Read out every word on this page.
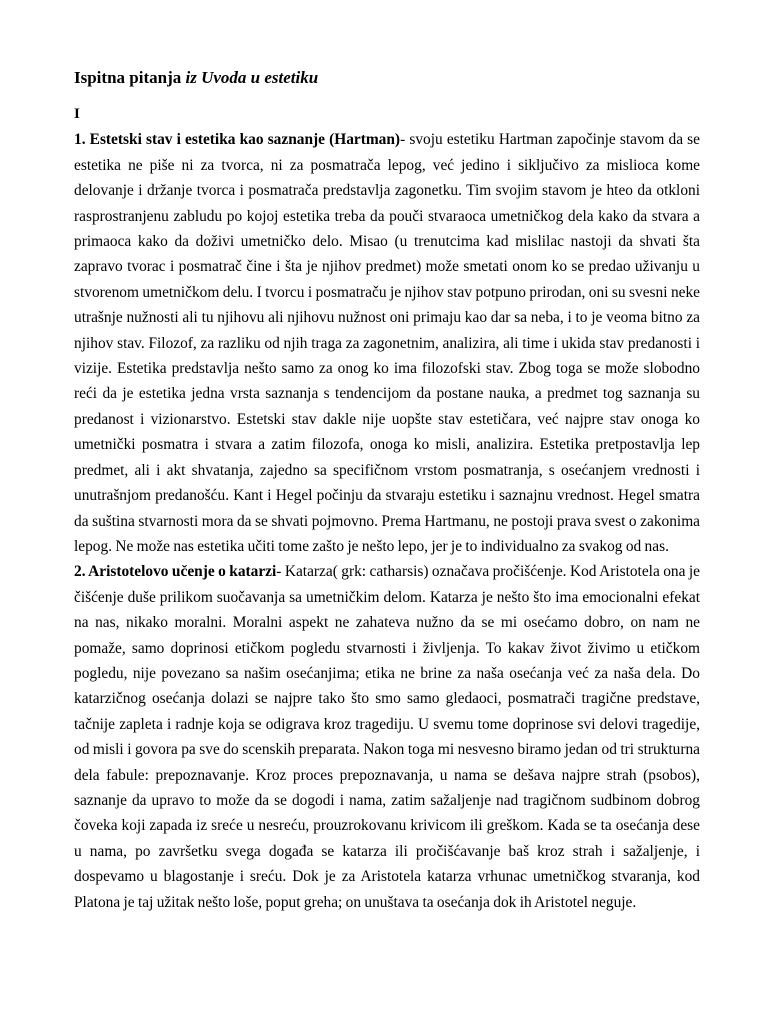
Ispitna pitanja iz Uvoda u estetiku
I

1. Estetski stav i estetika kao saznanje (Hartman)- svoju estetiku Hartman započinje stavom da se estetika ne piše ni za tvorca, ni za posmatrača lepog, već jedino i siključivo za mislioca kome delovanje i držanje tvorca i posmatrača predstavlja zagonetku. Tim svojim stavom je hteo da otkloni rasprostranjenu zabludu po kojoj estetika treba da pouči stvaraoca umetničkog dela kako da stvara a primaoca kako da doživi umetničko delo. Misao (u trenutcima kad mislilac nastoji da shvati šta zapravo tvorac i posmatrač čine i šta je njihov predmet) može smetati onom ko se predao uživanju u stvorenom umetničkom delu. I tvorcu i posmatraču je njihov stav potpuno prirodan, oni su svesni neke utrašnje nužnosti ali tu njihovu ali njihovu nužnost oni primaju kao dar sa neba, i to je veoma bitno za njihov stav. Filozof, za razliku od njih traga za zagonetnim, analizira, ali time i ukida stav predanosti i vizije. Estetika predstavlja nešto samo za onog ko ima filozofski stav. Zbog toga se može slobodno reći da je estetika jedna vrsta saznanja s tendencijom da postane nauka, a predmet tog saznanja su predanost i vizionarstvo. Estetski stav dakle nije uopšte stav estetičara, već najpre stav onoga ko umetnički posmatra i stvara a zatim filozofa, onoga ko misli, analizira. Estetika pretpostavlja lep predmet, ali i akt shvatanja, zajedno sa specifičnom vrstom posmatranja, s osećanjem vrednosti i unutrašnjom predanošću. Kant i Hegel počinju da stvaraju estetiku i saznajnu vrednost. Hegel smatra da suština stvarnosti mora da se shvati pojmovno. Prema Hartmanu, ne postoji prava svest o zakonima lepog. Ne može nas estetika učiti tome zašto je nešto lepo, jer je to individualno za svakog od nas.

2. Aristotelovo učenje o katarzi- Katarza( grk: catharsis) označava pročišćenje. Kod Aristotela ona je čišćenje duše prilikom suočavanja sa umetničkim delom. Katarza je nešto što ima emocionalni efekat na nas, nikako moralni. Moralni aspekt ne zahateva nužno da se mi osećamo dobro, on nam ne pomaže, samo doprinosi etičkom pogledu stvarnosti i življenja. To kakav život živimo u etičkom pogledu, nije povezano sa našim osećanjima; etika ne brine za naša osećanja već za naša dela. Do katarzičnog osećanja dolazi se najpre tako što smo samo gledaoci, posmatrači tragične predstave, tačnije zapleta i radnje koja se odigrava kroz tragediju. U svemu tome doprinose svi delovi tragedije, od misli i govora pa sve do scenskih preparata. Nakon toga mi nesvesno biramo jedan od tri strukturna dela fabule: prepoznavanje. Kroz proces prepoznavanja, u nama se dešava najpre strah (psobos), saznanje da upravo to može da se dogodi i nama, zatim sažaljenje nad tragičnom sudbinom dobrog čoveka koji zapada iz sreće u nesreću, prouzrokovanu krivicom ili greškom. Kada se ta osećanja dese u nama, po završetku svega događa se katarza ili pročišćavanje baš kroz strah i sažaljenje, i dospevamo u blagostanje i sreću. Dok je za Aristotela katarza vrhunac umetničkog stvaranja, kod Platona je taj užitak nešto loše, poput greha; on unuštava ta osećanja dok ih Aristotel neguje.
